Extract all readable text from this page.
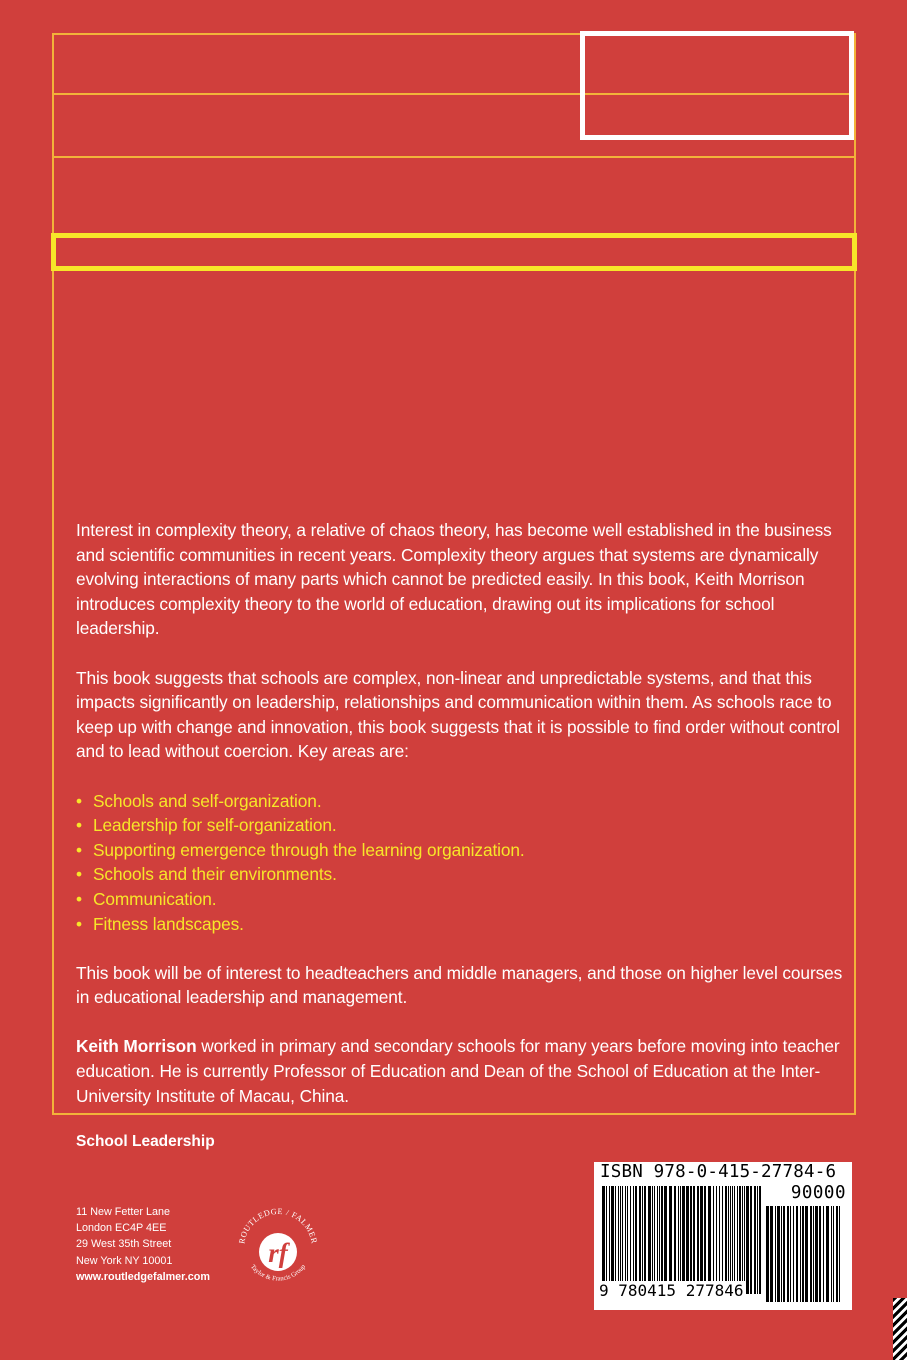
Interest in complexity theory, a relative of chaos theory, has become well established in the business and scientific communities in recent years. Complexity theory argues that systems are dynamically evolving interactions of many parts which cannot be predicted easily. In this book, Keith Morrison introduces complexity theory to the world of education, drawing out its implications for school leadership.

This book suggests that schools are complex, non-linear and unpredictable systems, and that this impacts significantly on leadership, relationships and communication within them. As schools race to keep up with change and innovation, this book suggests that it is possible to find order without control and to lead without coercion. Key areas are:

• Schools and self-organization.
• Leadership for self-organization.
• Supporting emergence through the learning organization.
• Schools and their environments.
• Communication.
• Fitness landscapes.

This book will be of interest to headteachers and middle managers, and those on higher level courses in educational leadership and management.

Keith Morrison worked in primary and secondary schools for many years before moving into teacher education. He is currently Professor of Education and Dean of the School of Education at the Inter-University Institute of Macau, China.

School Leadership
11 New Fetter Lane
London EC4P 4EE
29 West 35th Street
New York NY 10001
www.routledgefalmer.com
ROUTLEDGE / FALMER
Taylor & Francis Group
rf
ISBN 978-0-415-27784-6
90000
9 780415 277846
